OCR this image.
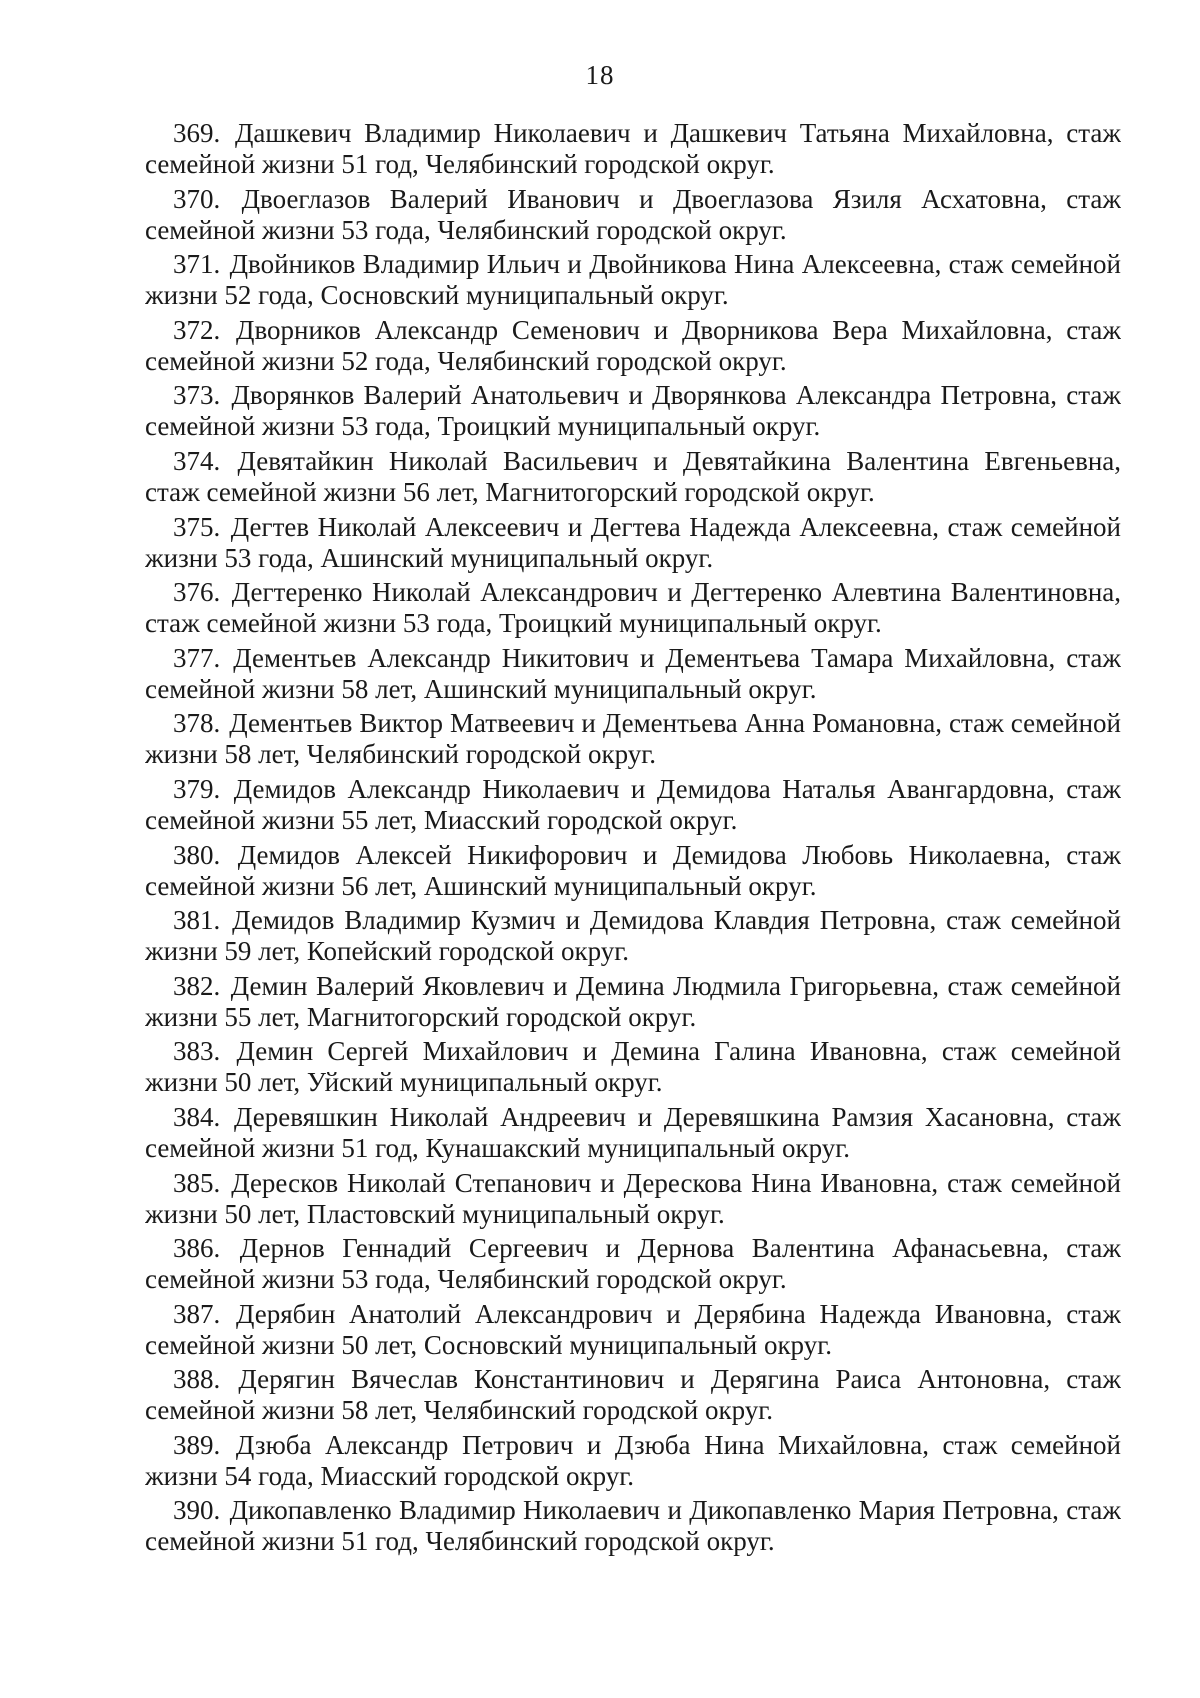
18
369. Дашкевич Владимир Николаевич и Дашкевич Татьяна Михайловна, стаж семейной жизни 51 год, Челябинский городской округ.
370. Двоеглазов Валерий Иванович и Двоеглазова Язиля Асхатовна, стаж семейной жизни 53 года, Челябинский городской округ.
371. Двойников Владимир Ильич и Двойникова Нина Алексеевна, стаж семейной жизни 52 года, Сосновский муниципальный округ.
372. Дворников Александр Семенович и Дворникова Вера Михайловна, стаж семейной жизни 52 года, Челябинский городской округ.
373. Дворянков Валерий Анатольевич и Дворянкова Александра Петровна, стаж семейной жизни 53 года, Троицкий муниципальный округ.
374. Девятайкин Николай Васильевич и Девятайкина Валентина Евгеньевна, стаж семейной жизни 56 лет, Магнитогорский городской округ.
375. Дегтев Николай Алексеевич и Дегтева Надежда Алексеевна, стаж семейной жизни 53 года, Ашинский муниципальный округ.
376. Дегтеренко Николай Александрович и Дегтеренко Алевтина Валентиновна, стаж семейной жизни 53 года, Троицкий муниципальный округ.
377. Дементьев Александр Никитович и Дементьева Тамара Михайловна, стаж семейной жизни 58 лет, Ашинский муниципальный округ.
378. Дементьев Виктор Матвеевич и Дементьева Анна Романовна, стаж семейной жизни 58 лет, Челябинский городской округ.
379. Демидов Александр Николаевич и Демидова Наталья Авангардовна, стаж семейной жизни 55 лет, Миасский городской округ.
380. Демидов Алексей Никифорович и Демидова Любовь Николаевна, стаж семейной жизни 56 лет, Ашинский муниципальный округ.
381. Демидов Владимир Кузмич и Демидова Клавдия Петровна, стаж семейной жизни 59 лет, Копейский городской округ.
382. Демин Валерий Яковлевич и Демина Людмила Григорьевна, стаж семейной жизни 55 лет, Магнитогорский городской округ.
383. Демин Сергей Михайлович и Демина Галина Ивановна, стаж семейной жизни 50 лет, Уйский муниципальный округ.
384. Деревяшкин Николай Андреевич и Деревяшкина Рамзия Хасановна, стаж семейной жизни 51 год, Кунашакский муниципальный округ.
385. Дересков Николай Степанович и Дерескова Нина Ивановна, стаж семейной жизни 50 лет, Пластовский муниципальный округ.
386. Дернов Геннадий Сергеевич и Дернова Валентина Афанасьевна, стаж семейной жизни 53 года, Челябинский городской округ.
387. Дерябин Анатолий Александрович и Дерябина Надежда Ивановна, стаж семейной жизни 50 лет, Сосновский муниципальный округ.
388. Дерягин Вячеслав Константинович и Дерягина Раиса Антоновна, стаж семейной жизни 58 лет, Челябинский городской округ.
389. Дзюба Александр Петрович и Дзюба Нина Михайловна, стаж семейной жизни 54 года, Миасский городской округ.
390. Дикопавленко Владимир Николаевич и Дикопавленко Мария Петровна, стаж семейной жизни 51 год, Челябинский городской округ.
